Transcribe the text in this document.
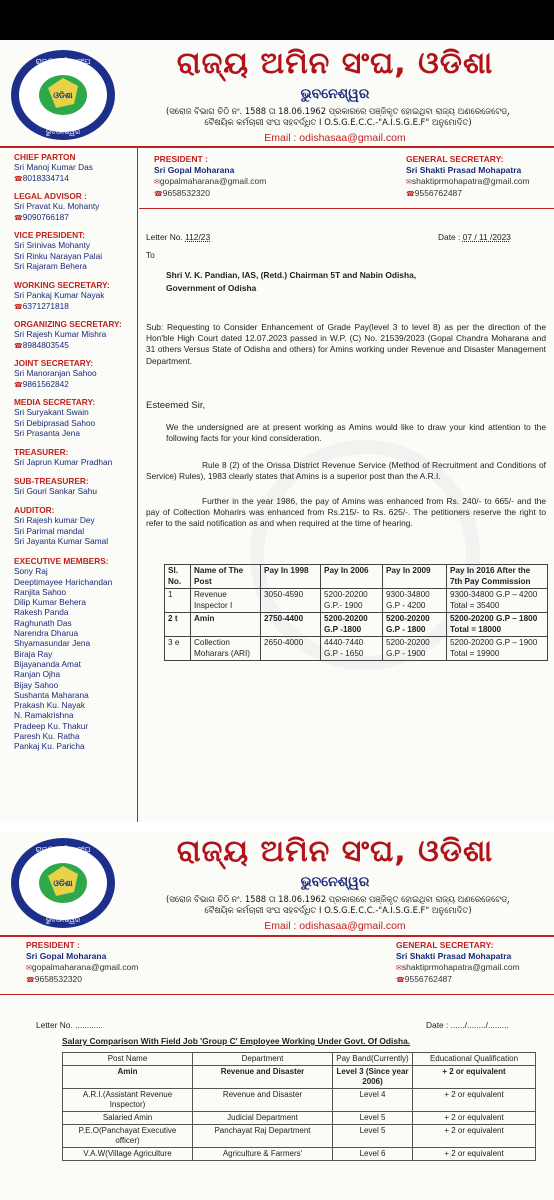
ରାଜ୍ୟ ଅମିନ ସଂଘ
ଓଡିଶା
ଭୁବନେଶ୍ୱର
ରାଜ୍ୟ ଅମିନ ସଂଘ, ଓଡିଶା
ଭୁବନେଶ୍ୱର
(ସରୋଜ ବିଭାଗ ଚିଠି ନଂ. 1588 ତା 18.06.1962 ପ୍ରକାରରେ ପଞ୍ଜିକୃତ ହୋଇଥିବା ରାଜ୍ୟ ଅଣରେଜେଟେଡ୍,
ବୈଷୟିକ କର୍ମଚାରୀ ସଂଘ ସହବର୍ଦ୍ଧିତ I O.S.G.E.C.C.-"A.I.S.G.E.F" ଅନୁମୋଦିତ)
Email : odishasaa@gmail.com
CHIEF PARTON
Sri Manoj Kumar Das
☎8018334714
LEGAL ADVISOR :
Sri Pravat Ku. Mohanty
☎9090766187
VICE PRESIDENT:
Sri Srinivas Mohanty
Sri Rinku Narayan Palai
Sri Rajaram Behera
WORKING SECRETARY:
Sri Pankaj Kumar Nayak
☎6371271818
ORGANIZING SECRETARY:
Sri Rajesh Kumar Mishra
☎8984803545
JOINT SECRETARY:
Sri Manoranjan Sahoo
☎9861562842
MEDIA SECRETARY:
Sri Suryakant Swain
Sri Debiprasad Sahoo
Sri Prasanta Jena
TREASURER:
Sri Japrun Kumar Pradhan
SUB-TREASURER:
Sri Gouri Sankar Sahu
AUDITOR:
Sri Rajesh kumar Dey
Sri Parimal mandal
Sri Jayanta Kumar Samal
EXECUTIVE MEMBERS:
Sony Raj
Deeptimayee Harichandan
Ranjita Sahoo
Dilip Kumar Behera
Rakesh Panda
Raghunath Das
Narendra Dharua
Shyamasundar Jena
Biraja Ray
Bijayananda Amat
Ranjan Ojha
Bijay Sahoo
Sushanta Maharana
Prakash Ku. Nayak
N. Ramakrishna
Pradeep Ku. Thakur
Paresh Ku. Ratha
Pankaj Ku. Paricha
PRESIDENT :
Sri Gopal Moharana
✉gopalmaharana@gmail.com
☎9658532320
GENERAL SECRETARY:
Sri Shakti Prasad Mohapatra
✉shaktiprmohapatra@gmail.com
☎9556762487
Letter No. 112/23	Date : 07 / 11 /2023
To
Shri V. K. Pandian, IAS, (Retd.) Chairman 5T and Nabin Odisha,
Government of Odisha
Sub: Requesting to Consider Enhancement of Grade Pay(level 3 to level 8) as per the direction of the Hon'ble High Court dated 12.07.2023 passed in W.P. (C) No. 21539/2023 (Gopal Chandra Moharana and 31 others Versus State of Odisha and others) for Amins working under Revenue and Disaster Management Department.
Esteemed Sir,
We the undersigned are at present working as Amins would like to draw your kind attention to the following facts for your kind consideration.
Rule 8 (2) of the Orissa District Revenue Service (Method of Recruitment and Conditions of Service) Rules), 1983 clearly states that Amins is a superior post than the A.R.I.
Further in the year 1986, the pay of Amins was enhanced from Rs. 240/- to 665/- and the pay of Collection Moharirs was enhanced from Rs.215/- to Rs. 625/-. The petitioners reserve the right to refer to the said notification as and when required at the time of hearing.
Sl. No.	Name of The Post	Pay In 1998	Pay In 2006	Pay In 2009	Pay In 2016 After the 7th Pay Commission
1	Revenue Inspector I	3050-4590	5200-20200 G.P.- 1900	9300-34800 G.P - 4200	9300-34800 G.P – 4200 Total = 35400
2 t	Amin	2750-4400	5200-20200 G.P -1800	5200-20200 G.P - 1800	5200-20200 G.P – 1800 Total = 18000
3 e	Collection Moharars (ARI)	2650-4000	4440-7440 G.P - 1650	5200-20200 G.P - 1900	5200-20200 G.P – 1900 Total = 19900
ରାଜ୍ୟ ଅମିନ ସଂଘ
ଓଡିଶା
ଭୁବନେଶ୍ୱର
ରାଜ୍ୟ ଅମିନ ସଂଘ, ଓଡିଶା
ଭୁବନେଶ୍ୱର
(ସରୋଜ ବିଭାଗ ଚିଠି ନଂ. 1588 ତା 18.06.1962 ପ୍ରକାରରେ ପଞ୍ଜିକୃତ ହୋଇଥିବା ରାଜ୍ୟ ଅଣରେଜେଟେଡ୍,
ବୈଷୟିକ କର୍ମଚାରୀ ସଂଘ ସହବର୍ଦ୍ଧିତ I O.S.G.E.C.C.-"A.I.S.G.E.F" ଅନୁମୋଦିତ)
Email : odishasaa@gmail.com
PRESIDENT :
Sri Gopal Moharana
✉gopalmaharana@gmail.com
☎9658532320
GENERAL SECRETARY:
Sri Shakti Prasad Mohapatra
✉shaktiprmohapatra@gmail.com
☎9556762487
Letter No. ............	Date : ....../......../.........
Salary Comparison With Field Job 'Group C' Employee Working Under Govt. Of Odisha.
Post Name	Department	Pay Band(Currently)	Educational Qualification
Amin	Revenue and Disaster	Level 3 (Since year 2006)	+ 2 or equivalent
A.R.I.(Assistant Revenue Inspector)	Revenue and Disaster	Level 4	+ 2 or equivalent
Salaried Amin	Judicial Department	Level 5	+ 2 or equivalent
P.E.O(Panchayat Executive officer)	Panchayat Raj Department	Level 5	+ 2 or equivalent
V.A.W(Village Agriculture	Agriculture & Farmers'	Level 6	+ 2 or equivalent
